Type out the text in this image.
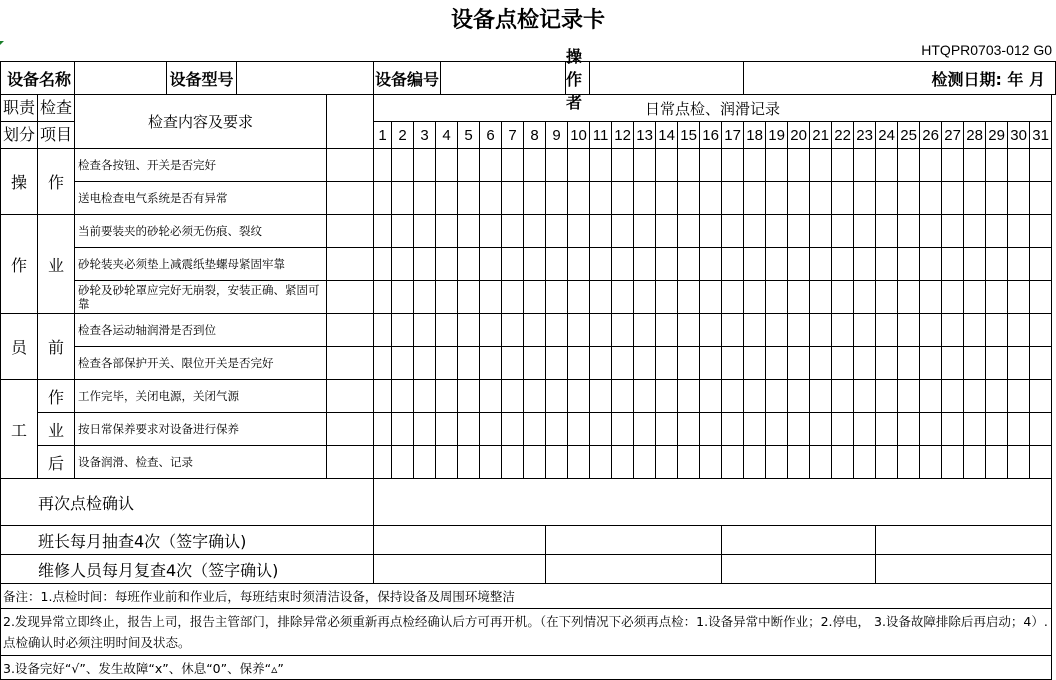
设备点检记录卡
HTQPR0703-012 G0
设备名称			设备型号		设备编号
操作者																	检测日期: 年 月													
职责	检查	检查内容及要求			日常点检、润滑记录																														
划分	项目				1	2	3	4	5	6	7	8	9	10	11	12	13	14	15	16	17	18	19	20	21	22	23	24	25	26	27	28	29	30	31
操	作	检查各按钮、开关是否完好																																	
		送电检查电气系统是否有异常																																	
作	业	当前要装夹的砂轮必须无伤痕、裂纹																																	
		砂轮装夹必须垫上减震纸垫螺母紧固牢靠																																	
		砂轮及砂轮罩应完好无崩裂，安装正确、紧固可靠																																	
员	前	检查各运动轴润滑是否到位																																	
		检查各部保护开关、限位开关是否完好																																	
工	作	工作完毕，关闭电源，关闭气源																																	
	业	按日常保养要求对设备进行保养																																	
	后	设备润滑、检查、记录																																	
再次点检确认																																			
班长每月抽查4次（签字确认)																																			
维修人员每月复查4次（签字确认)																																			
备注：1.点检时间：每班作业前和作业后，每班结束时须清洁设备，保持设备及周围环境整洁																																			
2.发现异常立即终止，报告上司，报告主管部门，排除异常必须重新再点检经确认后方可再开机。（在下列情况下必须再点检：1.设备异常中断作业；2.停电， 3.设备故障排除后再启动；4）.点检确认时必须注明时间及状态。																																			
3.设备完好“√”、发生故障“x”、休息“0”、保养“▵”																																			
